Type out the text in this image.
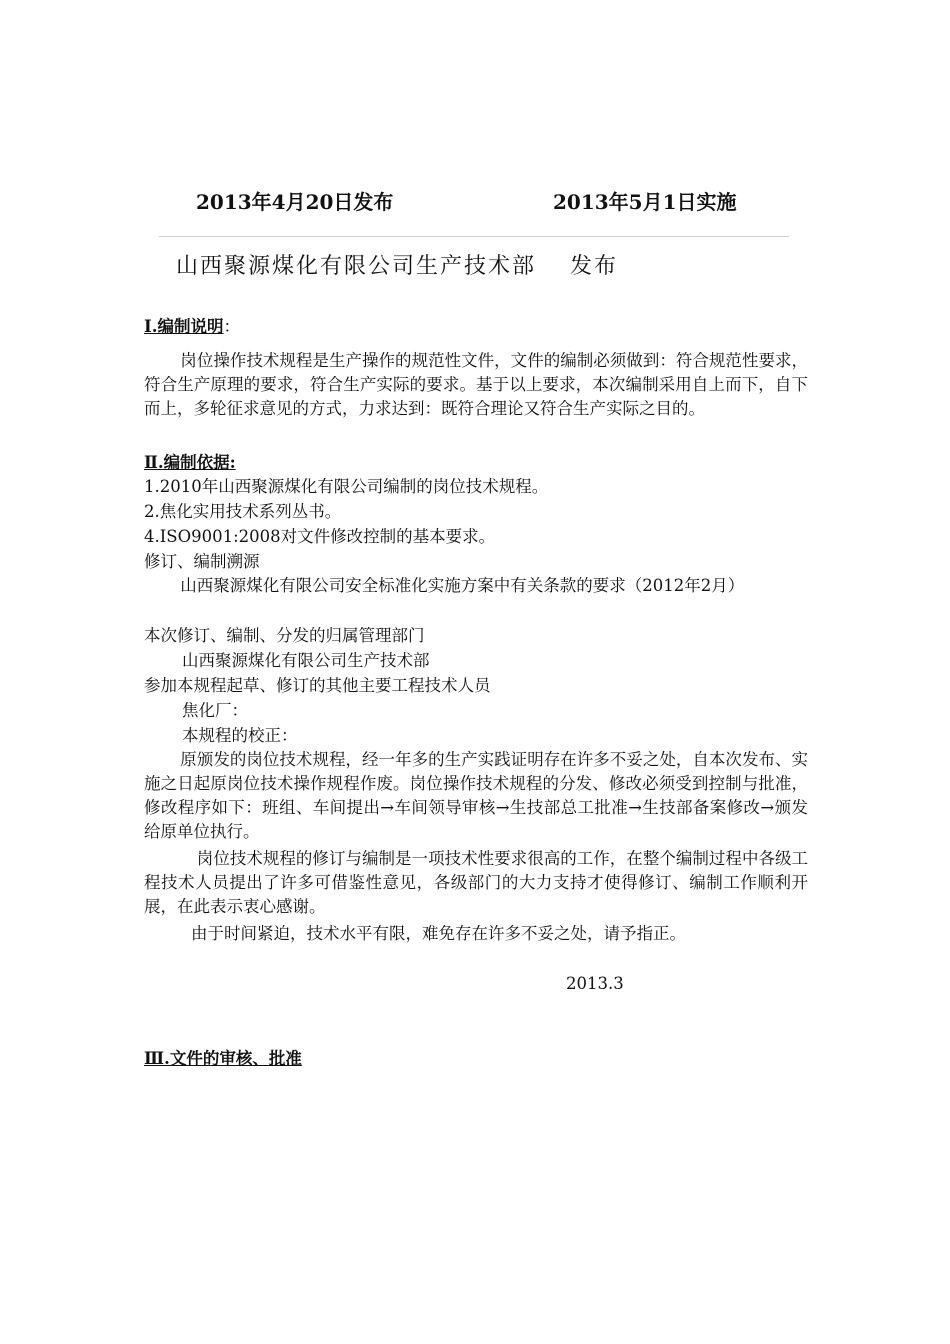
2013年4月20日发布	2013年5月1日实施
山西聚源煤化有限公司生产技术部 发布
Ⅰ.编制说明：
岗位操作技术规程是生产操作的规范性文件，文件的编制必须做到：符合规范性要求，符合生产原理的要求，符合生产实际的要求。基于以上要求，本次编制采用自上而下，自下而上，多轮征求意见的方式，力求达到：既符合理论又符合生产实际之目的。
Ⅱ.编制依据:
1.2010年山西聚源煤化有限公司编制的岗位技术规程。
2.焦化实用技术系列丛书。
4.ISO9001:2008对文件修改控制的基本要求。
修订、编制溯源
山西聚源煤化有限公司安全标准化实施方案中有关条款的要求（2012年2月）
本次修订、编制、分发的归属管理部门
山西聚源煤化有限公司生产技术部
参加本规程起草、修订的其他主要工程技术人员
焦化厂：
本规程的校正：
原颁发的岗位技术规程，经一年多的生产实践证明存在许多不妥之处，自本次发布、实施之日起原岗位技术操作规程作废。岗位操作技术规程的分发、修改必须受到控制与批准，修改程序如下：班组、车间提出→车间领导审核→生技部总工批准→生技部备案修改→颁发给原单位执行。
岗位技术规程的修订与编制是一项技术性要求很高的工作，在整个编制过程中各级工程技术人员提出了许多可借鉴性意见，各级部门的大力支持才使得修订、编制工作顺利开展，在此表示衷心感谢。
由于时间紧迫，技术水平有限，难免存在许多不妥之处，请予指正。
2013.3
Ⅲ.文件的审核、批准
